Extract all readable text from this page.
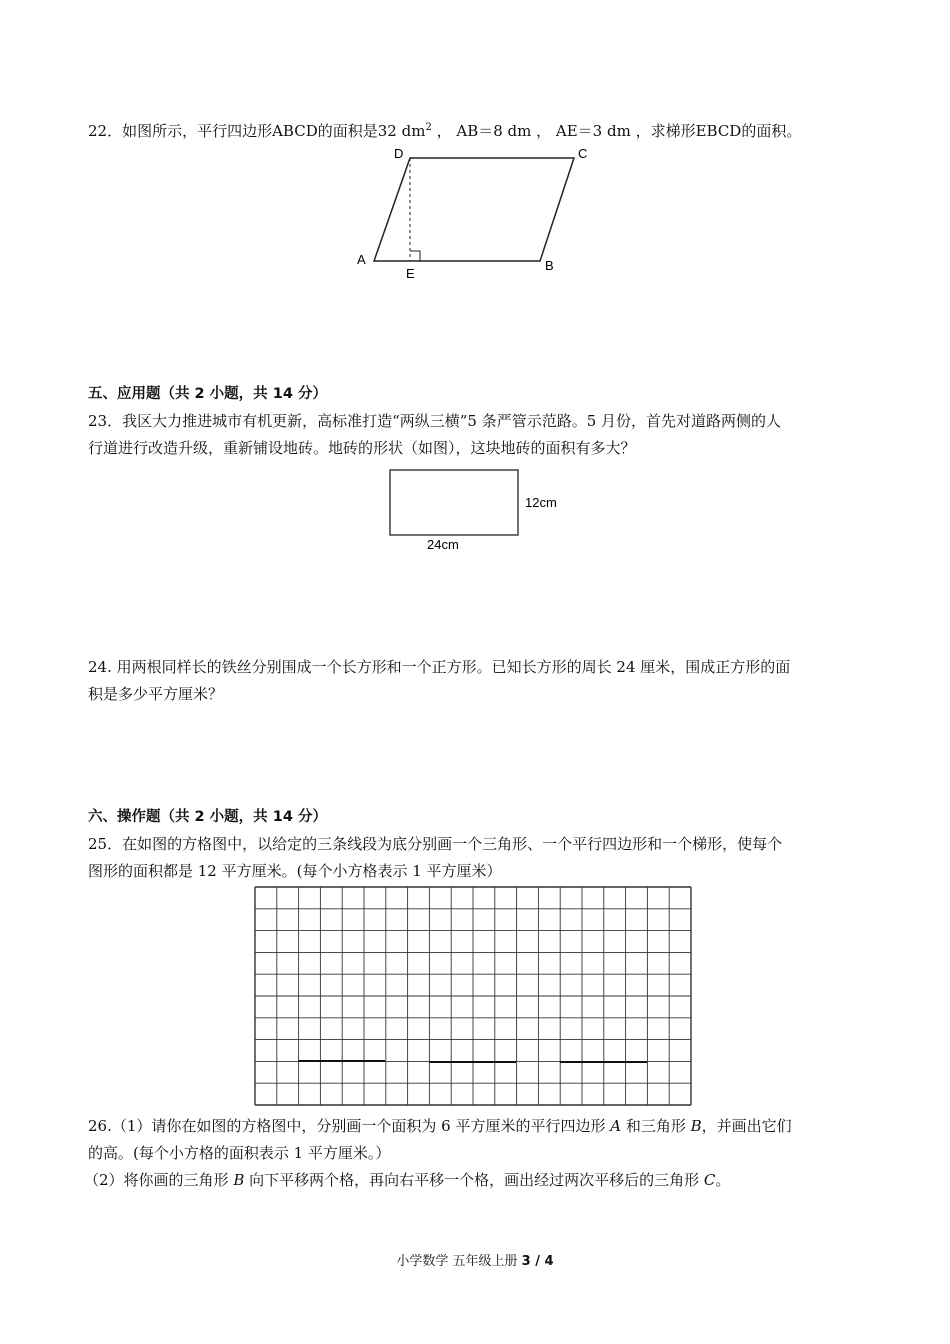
22．如图所示，平行四边形ABCD的面积是32 $dm^2$ ， AB＝8 dm ， AE＝3 dm ，求梯形EBCD的面积。
D	C
A
E
B
五、应用题（共 2 小题，共 14 分）
23．我区大力推进城市有机更新，高标准打造“两纵三横”5 条严管示范路。5 月份，首先对道路两侧的人
行道进行改造升级，重新铺设地砖。地砖的形状（如图），这块地砖的面积有多大？
12cm
24cm
24. 用两根同样长的铁丝分别围成一个长方形和一个正方形。已知长方形的周长 24 厘米，围成正方形的面
积是多少平方厘米？
六、操作题（共 2 小题，共 14 分）
25．在如图的方格图中，以给定的三条线段为底分别画一个三角形、一个平行四边形和一个梯形，使每个
图形的面积都是 12 平方厘米。(每个小方格表示 1 平方厘米）
26.（1）请你在如图的方格图中，分别画一个面积为 6 平方厘米的平行四边形 A 和三角形 B，并画出它们
的高。(每个小方格的面积表示 1 平方厘米。）
（2）将你画的三角形 B 向下平移两个格，再向右平移一个格，画出经过两次平移后的三角形 C。
小学数学 五年级上册 3 / 4
